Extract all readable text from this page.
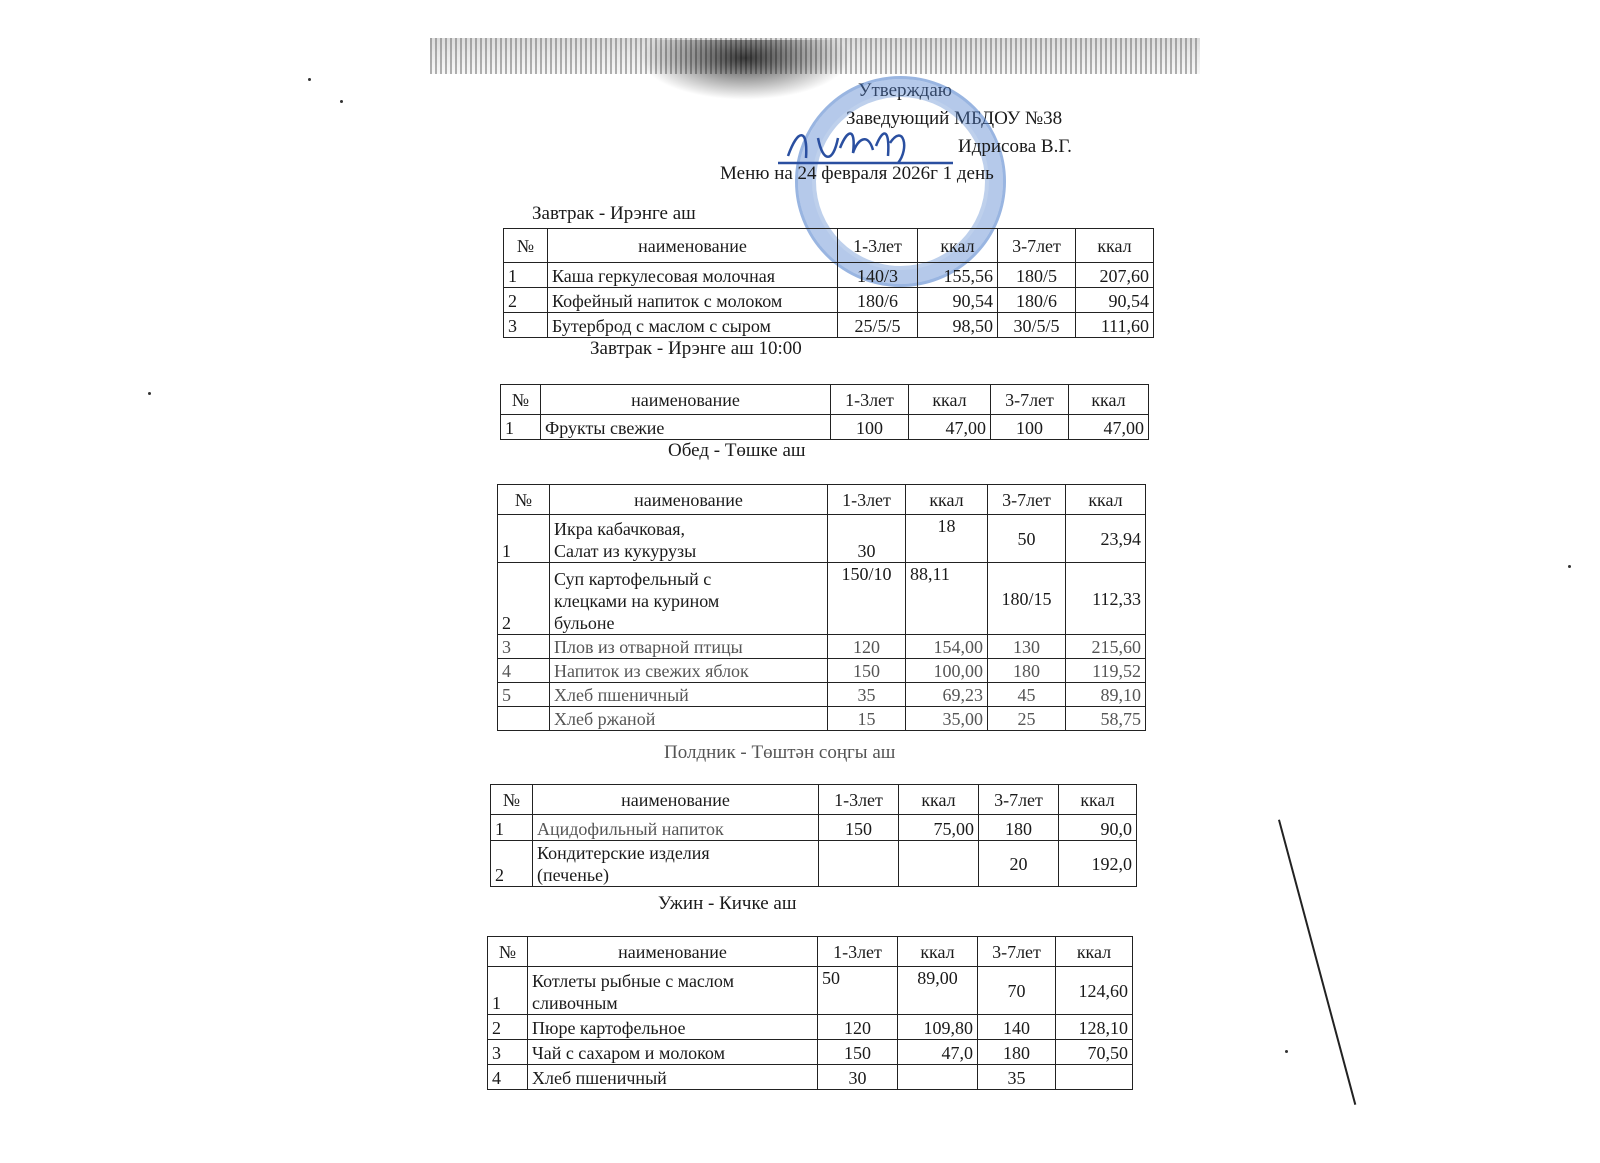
Утверждаю
Заведующий МБДОУ №38
Идрисова В.Г.
Меню на 24 февраля 2026г 1 день
Завтрак - Ирэнге аш
№	наименование	1-3лет	ккал	3-7лет	ккал
1	Каша геркулесовая молочная	140/3	155,56	180/5	207,60
2	Кофейный напиток с молоком	180/6	90,54	180/6	90,54
3	Бутерброд с маслом с сыром	25/5/5	98,50	30/5/5	111,60
Завтрак - Ирэнге аш 10:00
№	наименование	1-3лет	ккал	3-7лет	ккал
1	Фрукты свежие	100	47,00	100	47,00
Обед - Төшке аш
№	наименование	1-3лет	ккал	3-7лет	ккал
1	Икра кабачковая,
Салат из кукурузы	30	18	50	23,94
2	Суп картофельный с
клецками на курином
бульоне	150/10	88,11	180/15	112,33
3	Плов из отварной птицы	120	154,00	130	215,60
4	Напиток из свежих яблок	150	100,00	180	119,52
5	Хлеб пшеничный	35	69,23	45	89,10
	Хлеб ржаной	15	35,00	25	58,75
Полдник - Төштән соңгы аш
№	наименование	1-3лет	ккал	3-7лет	ккал
1	Ацидофильный напиток	150	75,00	180	90,0
2	Кондитерские изделия
(печенье)			20	192,0
Ужин - Кичке аш
№	наименование	1-3лет	ккал	3-7лет	ккал
1	Котлеты рыбные с маслом
сливочным	50	89,00	70	124,60
2	Пюре картофельное	120	109,80	140	128,10
3	Чай с сахаром и молоком	150	47,0	180	70,50
4	Хлеб пшеничный	30		35	
